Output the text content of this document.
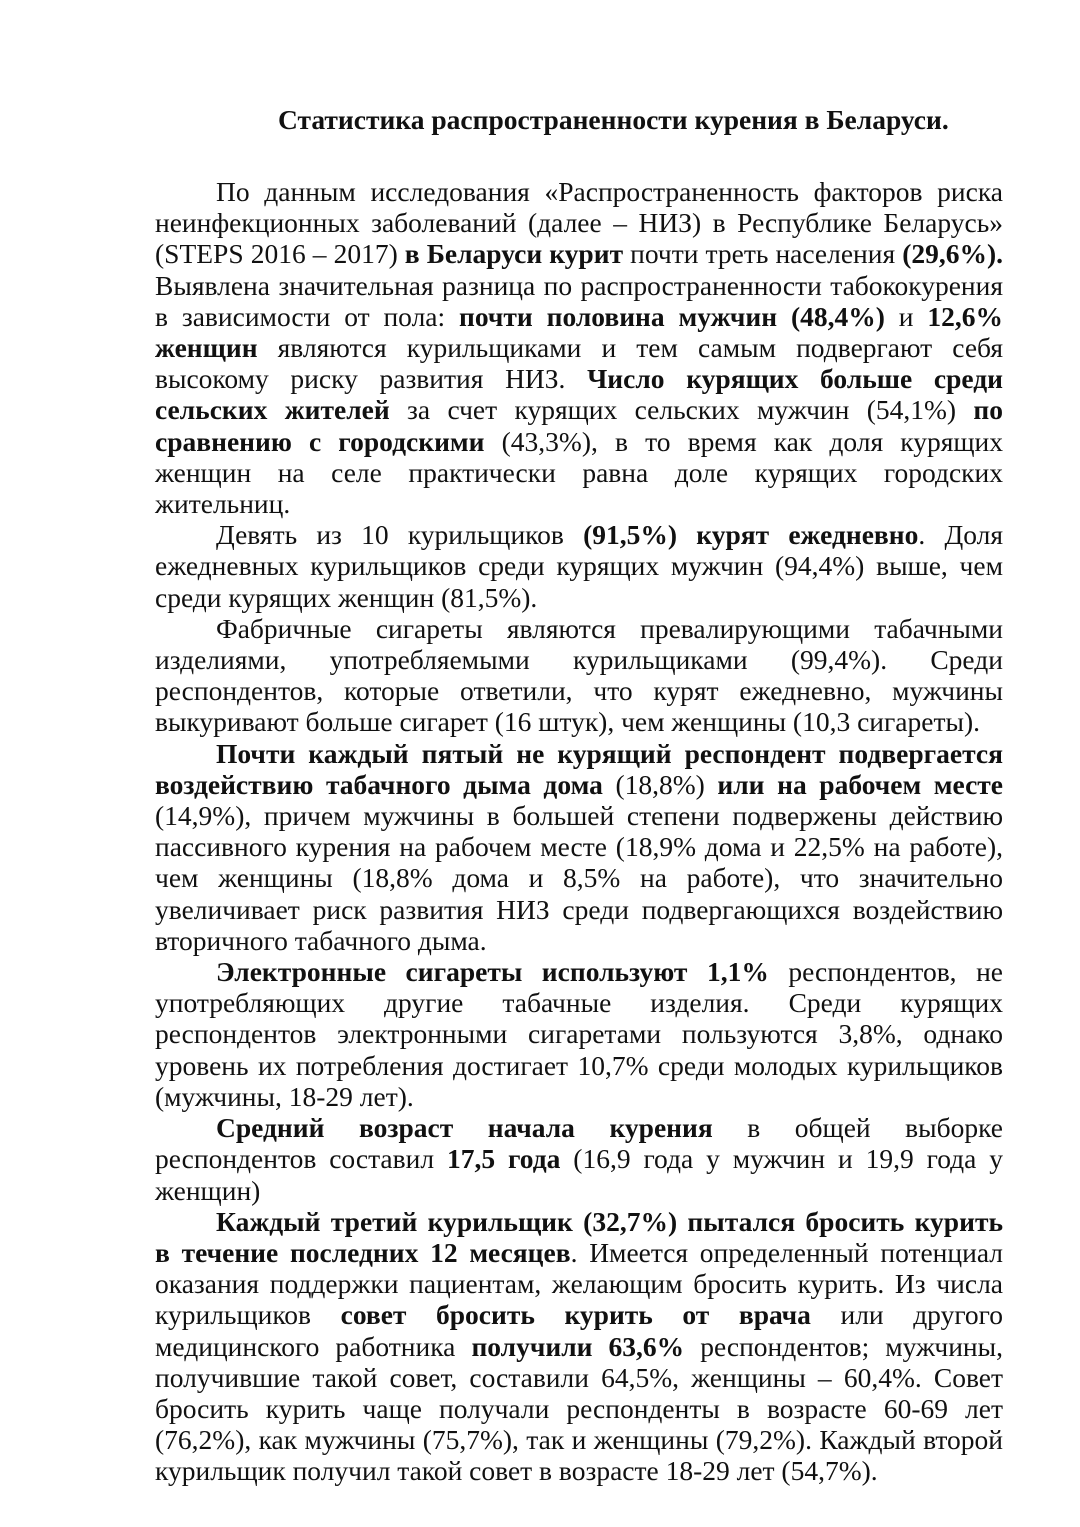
Статистика распространенности курения в Беларуси.

По данным исследования «Распространенность факторов риска неинфекционных заболеваний (далее – НИЗ) в Республике Беларусь» (STEPS 2016 – 2017) в Беларуси курит почти треть населения (29,6%). Выявлена значительная разница по распространенности табококурения в зависимости от пола: почти половина мужчин (48,4%) и 12,6% женщин являются курильщиками и тем самым подвергают себя высокому риску развития НИЗ. Число курящих больше среди сельских жителей за счет курящих сельских мужчин (54,1%) по сравнению с городскими (43,3%), в то время как доля курящих женщин на селе практически равна доле курящих городских жительниц.

Девять из 10 курильщиков (91,5%) курят ежедневно. Доля ежедневных курильщиков среди курящих мужчин (94,4%) выше, чем среди курящих женщин (81,5%).

Фабричные сигареты являются превалирующими табачными изделиями, употребляемыми курильщиками (99,4%). Среди респондентов, которые ответили, что курят ежедневно, мужчины выкуривают больше сигарет (16 штук), чем женщины (10,3 сигареты).

Почти каждый пятый не курящий респондент подвергается воздействию табачного дыма дома (18,8%) или на рабочем месте (14,9%), причем мужчины в большей степени подвержены действию пассивного курения на рабочем месте (18,9% дома и 22,5% на работе), чем женщины (18,8% дома и 8,5% на работе), что значительно увеличивает риск развития НИЗ среди подвергающихся воздействию вторичного табачного дыма.

Электронные сигареты используют 1,1% респондентов, не употребляющих другие табачные изделия. Среди курящих респондентов электронными сигаретами пользуются 3,8%, однако уровень их потребления достигает 10,7% среди молодых курильщиков (мужчины, 18-29 лет).

Средний возраст начала курения в общей выборке респондентов составил 17,5 года (16,9 года у мужчин и 19,9 года у женщин)

Каждый третий курильщик (32,7%) пытался бросить курить в течение последних 12 месяцев. Имеется определенный потенциал оказания поддержки пациентам, желающим бросить курить. Из числа курильщиков совет бросить курить от врача или другого медицинского работника получили 63,6% респондентов; мужчины, получившие такой совет, составили 64,5%, женщины – 60,4%. Совет бросить курить чаще получали респонденты в возрасте 60-69 лет (76,2%), как мужчины (75,7%), так и женщины (79,2%). Каждый второй курильщик получил такой совет в возрасте 18-29 лет (54,7%).
